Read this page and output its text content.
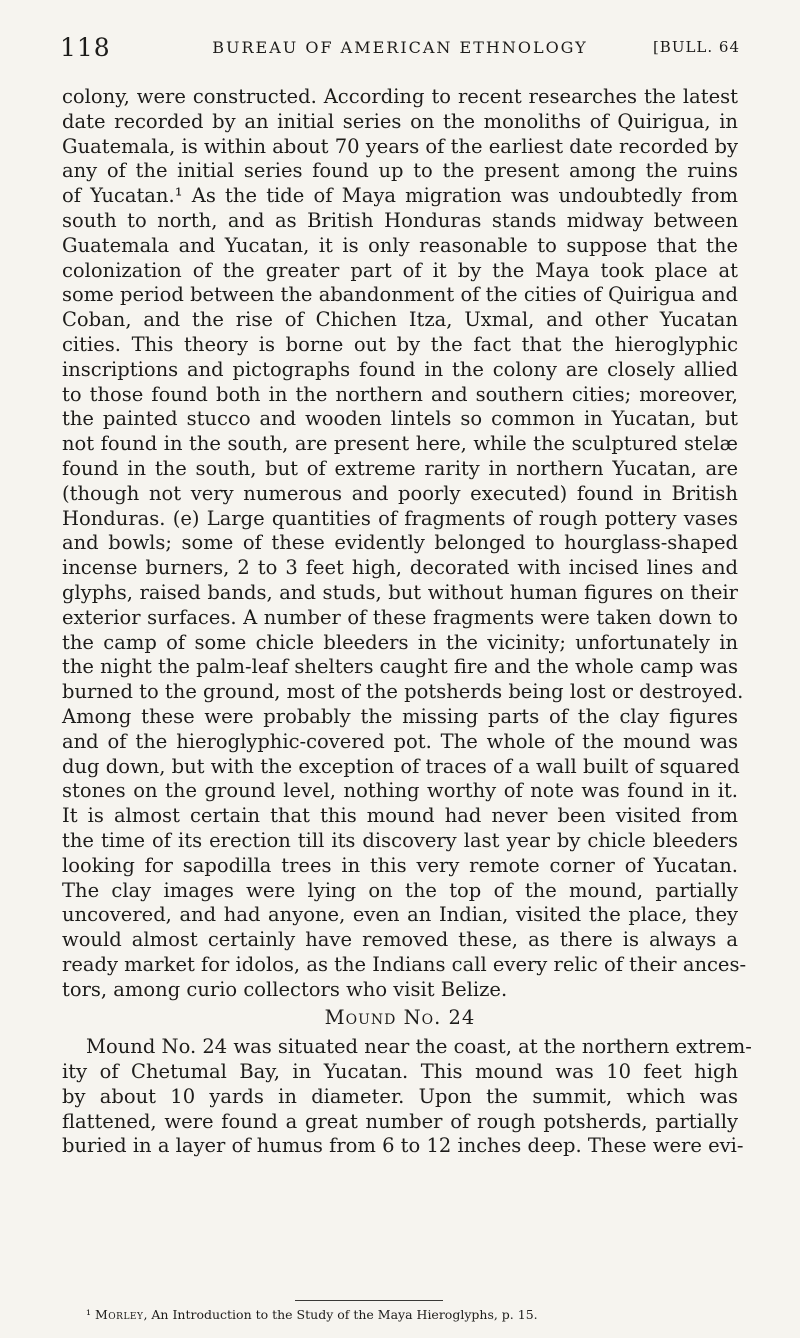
118	BUREAU OF AMERICAN ETHNOLOGY	[BULL. 64
colony, were constructed. According to recent researches the latest
date recorded by an initial series on the monoliths of Quirigua, in
Guatemala, is within about 70 years of the earliest date recorded by
any of the initial series found up to the present among the ruins
of Yucatan.¹ As the tide of Maya migration was undoubtedly from
south to north, and as British Honduras stands midway between
Guatemala and Yucatan, it is only reasonable to suppose that the
colonization of the greater part of it by the Maya took place at
some period between the abandonment of the cities of Quirigua and
Coban, and the rise of Chichen Itza, Uxmal, and other Yucatan
cities. This theory is borne out by the fact that the hieroglyphic
inscriptions and pictographs found in the colony are closely allied
to those found both in the northern and southern cities; moreover,
the painted stucco and wooden lintels so common in Yucatan, but
not found in the south, are present here, while the sculptured stelæ
found in the south, but of extreme rarity in northern Yucatan, are
(though not very numerous and poorly executed) found in British
Honduras. (e) Large quantities of fragments of rough pottery vases
and bowls; some of these evidently belonged to hourglass-shaped
incense burners, 2 to 3 feet high, decorated with incised lines and
glyphs, raised bands, and studs, but without human figures on their
exterior surfaces. A number of these fragments were taken down to
the camp of some chicle bleeders in the vicinity; unfortunately in
the night the palm-leaf shelters caught fire and the whole camp was
burned to the ground, most of the potsherds being lost or destroyed.
Among these were probably the missing parts of the clay figures
and of the hieroglyphic-covered pot. The whole of the mound was
dug down, but with the exception of traces of a wall built of squared
stones on the ground level, nothing worthy of note was found in it.
It is almost certain that this mound had never been visited from
the time of its erection till its discovery last year by chicle bleeders
looking for sapodilla trees in this very remote corner of Yucatan.
The clay images were lying on the top of the mound, partially
uncovered, and had anyone, even an Indian, visited the place, they
would almost certainly have removed these, as there is always a
ready market for idolos, as the Indians call every relic of their ances-
tors, among curio collectors who visit Belize.
Mound No. 24
Mound No. 24 was situated near the coast, at the northern extrem-
ity of Chetumal Bay, in Yucatan. This mound was 10 feet high
by about 10 yards in diameter. Upon the summit, which was
flattened, were found a great number of rough potsherds, partially
buried in a layer of humus from 6 to 12 inches deep. These were evi-
¹ Morley, An Introduction to the Study of the Maya Hieroglyphs, p. 15.
